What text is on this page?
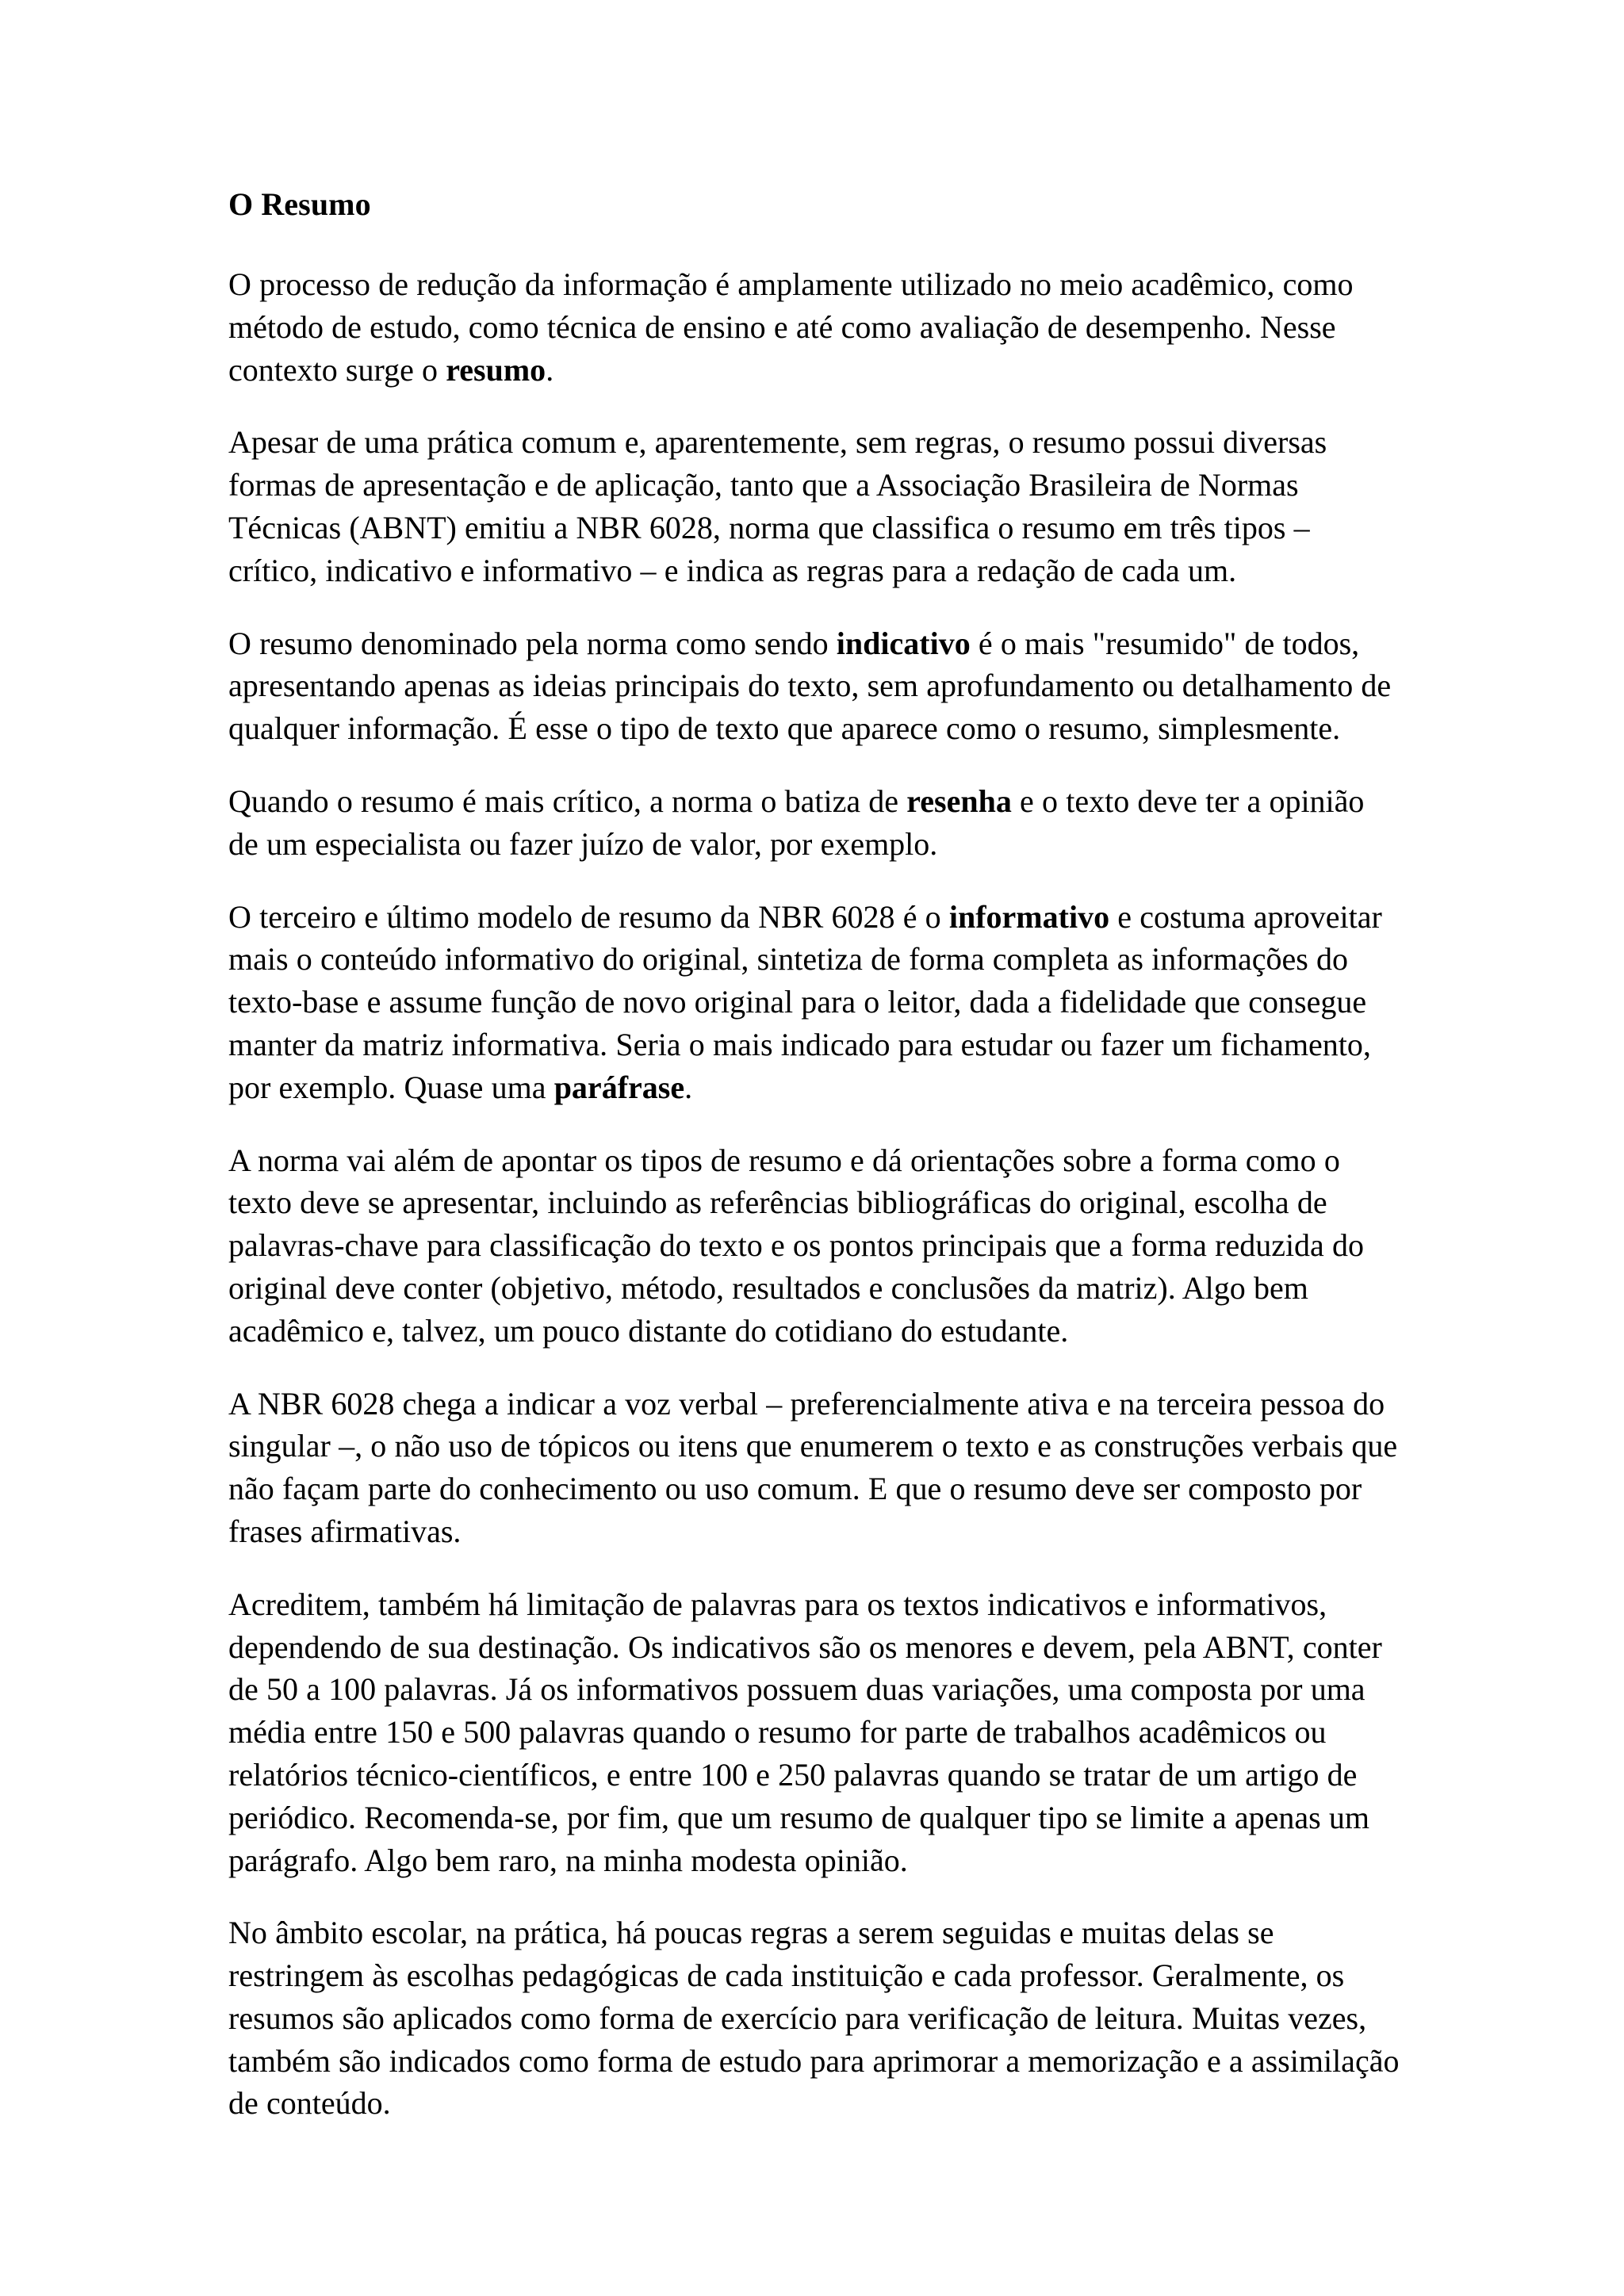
O Resumo

O processo de redução da informação é amplamente utilizado no meio acadêmico, como método de estudo, como técnica de ensino e até como avaliação de desempenho. Nesse contexto surge o resumo.

Apesar de uma prática comum e, aparentemente, sem regras, o resumo possui diversas formas de apresentação e de aplicação, tanto que a Associação Brasileira de Normas Técnicas (ABNT) emitiu a NBR 6028, norma que classifica o resumo em três tipos – crítico, indicativo e informativo – e indica as regras para a redação de cada um.

O resumo denominado pela norma como sendo indicativo é o mais "resumido" de todos, apresentando apenas as ideias principais do texto, sem aprofundamento ou detalhamento de qualquer informação. É esse o tipo de texto que aparece como o resumo, simplesmente.

Quando o resumo é mais crítico, a norma o batiza de resenha e o texto deve ter a opinião de um especialista ou fazer juízo de valor, por exemplo.

O terceiro e último modelo de resumo da NBR 6028 é o informativo e costuma aproveitar mais o conteúdo informativo do original, sintetiza de forma completa as informações do texto-base e assume função de novo original para o leitor, dada a fidelidade que consegue manter da matriz informativa. Seria o mais indicado para estudar ou fazer um fichamento, por exemplo. Quase uma paráfrase.

A norma vai além de apontar os tipos de resumo e dá orientações sobre a forma como o texto deve se apresentar, incluindo as referências bibliográficas do original, escolha de palavras-chave para classificação do texto e os pontos principais que a forma reduzida do original deve conter (objetivo, método, resultados e conclusões da matriz). Algo bem acadêmico e, talvez, um pouco distante do cotidiano do estudante.

A NBR 6028 chega a indicar a voz verbal – preferencialmente ativa e na terceira pessoa do singular –, o não uso de tópicos ou itens que enumerem o texto e as construções verbais que não façam parte do conhecimento ou uso comum. E que o resumo deve ser composto por frases afirmativas.

Acreditem, também há limitação de palavras para os textos indicativos e informativos, dependendo de sua destinação. Os indicativos são os menores e devem, pela ABNT, conter de 50 a 100 palavras. Já os informativos possuem duas variações, uma composta por uma média entre 150 e 500 palavras quando o resumo for parte de trabalhos acadêmicos ou relatórios técnico-científicos, e entre 100 e 250 palavras quando se tratar de um artigo de periódico. Recomenda-se, por fim, que um resumo de qualquer tipo se limite a apenas um parágrafo. Algo bem raro, na minha modesta opinião.

No âmbito escolar, na prática, há poucas regras a serem seguidas e muitas delas se restringem às escolhas pedagógicas de cada instituição e cada professor. Geralmente, os resumos são aplicados como forma de exercício para verificação de leitura. Muitas vezes, também são indicados como forma de estudo para aprimorar a memorização e a assimilação de conteúdo.
